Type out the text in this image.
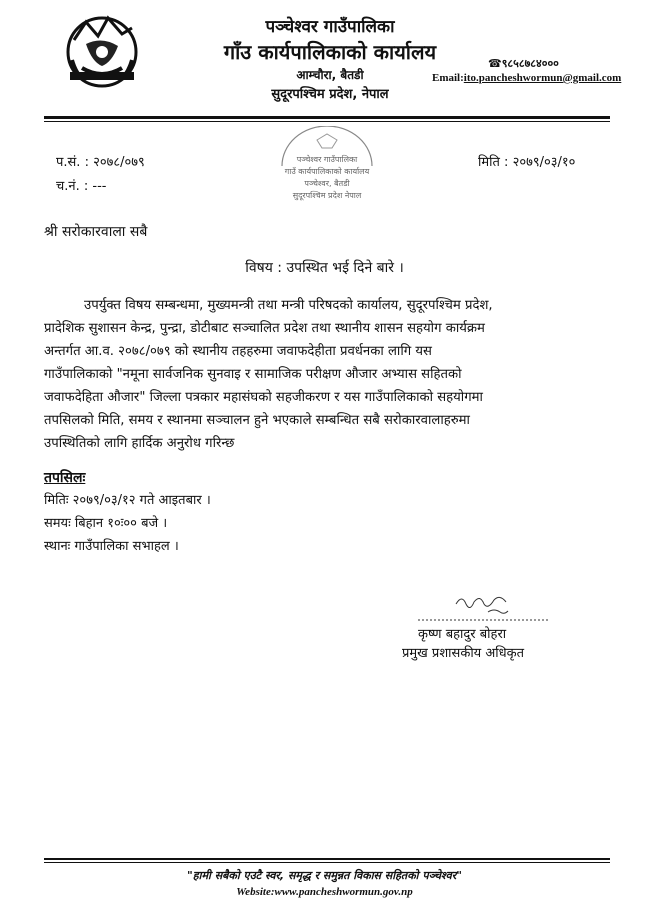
पञ्चेश्वर गाउँपालिका
गाँउ कार्यपालिकाको कार्यालय
आम्चौरा, बैतडी
सुदूरपश्चिम प्रदेश, नेपाल
☎९८५८७८४०००
Email:ito.pancheshwormun@gmail.com
पञ्चेश्वर गाउँपालिका
गाउँ कार्यपालिकाको कार्यालय
पञ्चेश्वर, बैतडी
सुदूरपश्चिम प्रदेश नेपाल
प.सं. : २०७८/०७९
च.नं. : ---
मिति : २०७९/०३/१०
श्री सरोकारवाला सबै
विषय : उपस्थित भई दिने बारे ।
उपर्युक्त विषय सम्बन्धमा, मुख्यमन्त्री तथा मन्त्री परिषदको कार्यालय, सुदूरपश्चिम प्रदेश,
प्रादेशिक सुशासन केन्द्र, पुन्द्रा, डोटीबाट सञ्चालित प्रदेश तथा स्थानीय शासन सहयोग कार्यक्रम
अन्तर्गत आ.व. २०७८/०७९ को स्थानीय तहहरुमा जवाफदेहीता प्रवर्धनका लागि यस
गाउँपालिकाको "नमूना सार्वजनिक सुनवाइ र सामाजिक परीक्षण औजार अभ्यास सहितको
जवाफदेहिता औजार" जिल्ला पत्रकार महासंघको सहजीकरण र यस गाउँपालिकाको सहयोगमा
तपसिलको मिति, समय र स्थानमा सञ्चालन हुने भएकाले सम्बन्धित सबै सरोकारवालाहरुमा
उपस्थितिको लागि हार्दिक अनुरोध गरिन्छ
तपसिलः
मितिः २०७९/०३/१२ गते आइतबार ।
समयः बिहान १०ः०० बजे ।
स्थानः गाउँपालिका सभाहल ।
कृष्ण बहादुर बोहरा
प्रमुख प्रशासकीय अधिकृत
"हामी सबैको एउटै स्वर, समृद्ध र समुन्नत विकास सहितको पञ्चेश्वर"
Website:www.pancheshwormun.gov.np
